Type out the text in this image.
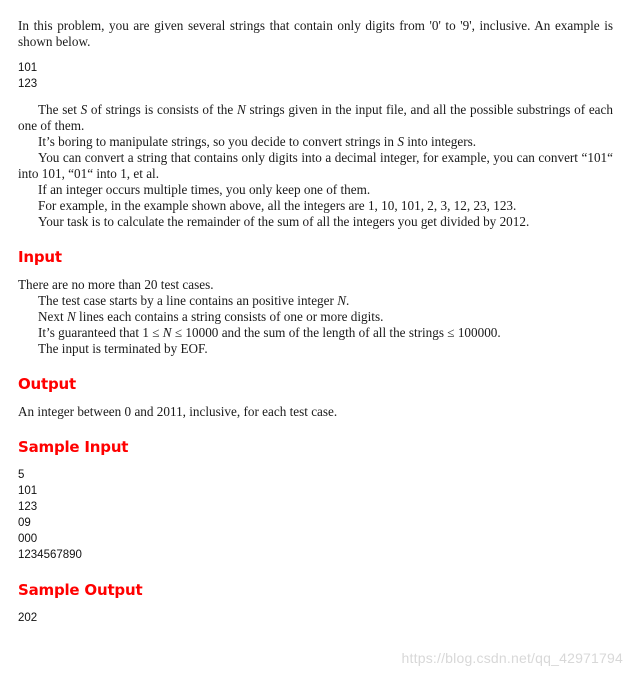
In this problem, you are given several strings that contain only digits from '0' to '9', inclusive. An example is shown below.

101

123

The set S of strings is consists of the N strings given in the input file, and all the possible substrings of each one of them.

It’s boring to manipulate strings, so you decide to convert strings in S into integers.

You can convert a string that contains only digits into a decimal integer, for example, you can convert “101“ into 101, “01“ into 1, et al.

If an integer occurs multiple times, you only keep one of them.

For example, in the example shown above, all the integers are 1, 10, 101, 2, 3, 12, 23, 123.

Your task is to calculate the remainder of the sum of all the integers you get divided by 2012.

Input

There are no more than 20 test cases.

The test case starts by a line contains an positive integer N.

Next N lines each contains a string consists of one or more digits.

It’s guaranteed that 1 ≤ N ≤ 10000 and the sum of the length of all the strings ≤ 100000.

The input is terminated by EOF.

Output

An integer between 0 and 2011, inclusive, for each test case.

Sample Input

5

101

123

09

000

1234567890

Sample Output

202

https://blog.csdn.net/qq_42971794
